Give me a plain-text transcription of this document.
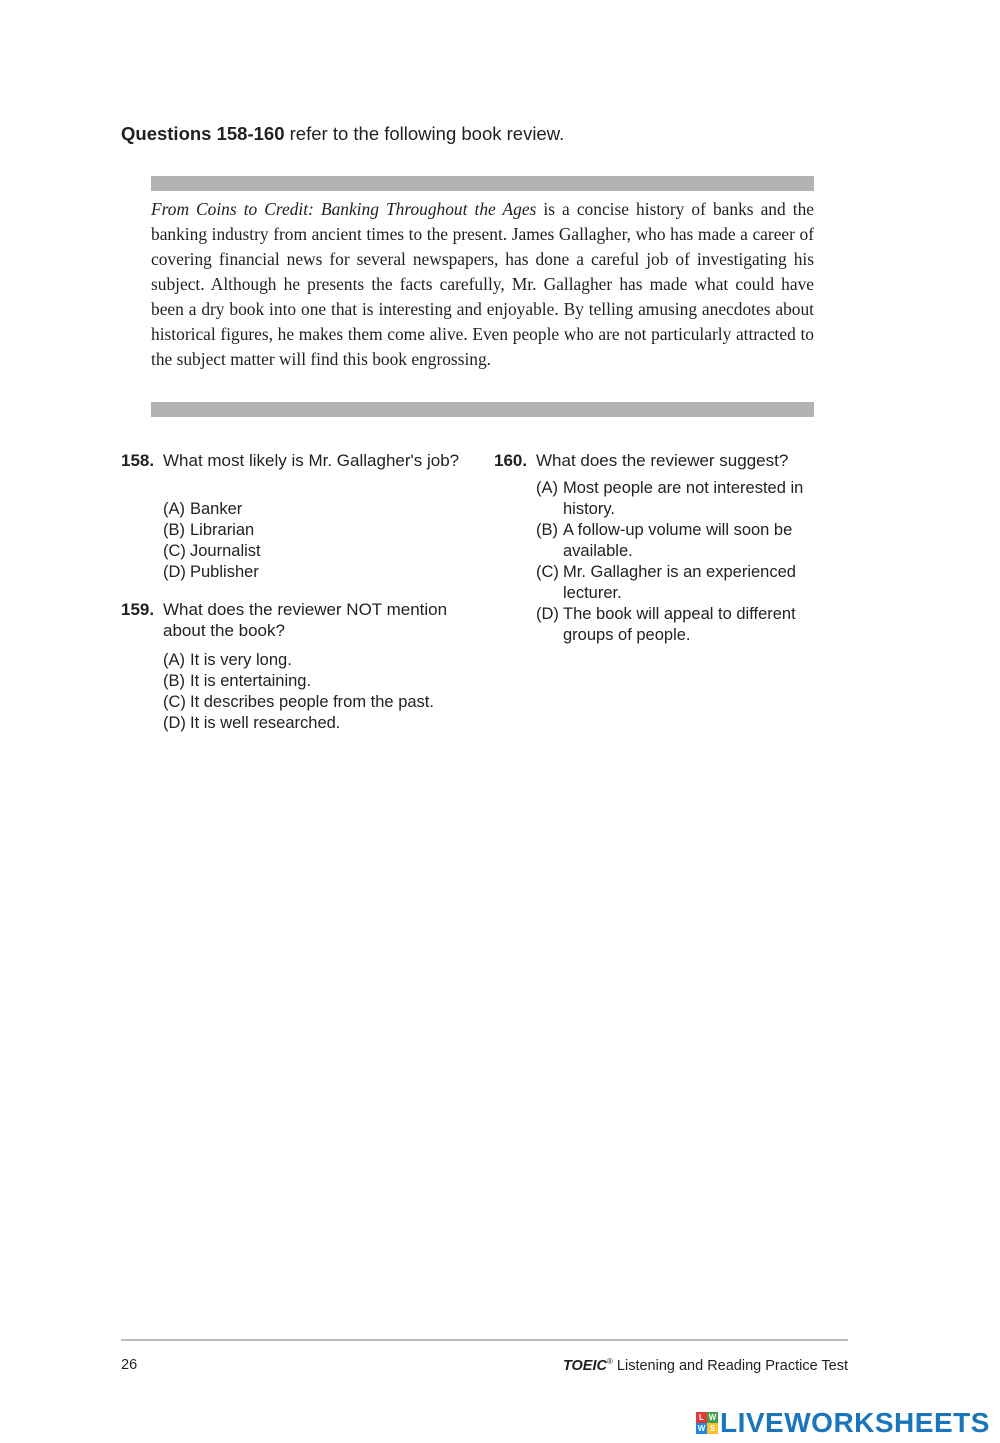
Questions 158-160 refer to the following book review.
From Coins to Credit: Banking Throughout the Ages is a concise history of banks and the banking industry from ancient times to the present. James Gallagher, who has made a career of covering financial news for several newspapers, has done a careful job of investigating his subject. Although he presents the facts carefully, Mr. Gallagher has made what could have been a dry book into one that is interesting and enjoyable. By telling amusing anecdotes about historical figures, he makes them come alive. Even people who are not particularly attracted to the subject matter will find this book engrossing.
158. What most likely is Mr. Gallagher's job?
(A) Banker
(B) Librarian
(C) Journalist
(D) Publisher
159. What does the reviewer NOT mention about the book?
(A) It is very long.
(B) It is entertaining.
(C) It describes people from the past.
(D) It is well researched.
160. What does the reviewer suggest?
(A) Most people are not interested in history.
(B) A follow-up volume will soon be available.
(C) Mr. Gallagher is an experienced lecturer.
(D) The book will appeal to different groups of people.
26	TOEIC® Listening and Reading Practice Test
L W
W S LIVEWORKSHEETS
